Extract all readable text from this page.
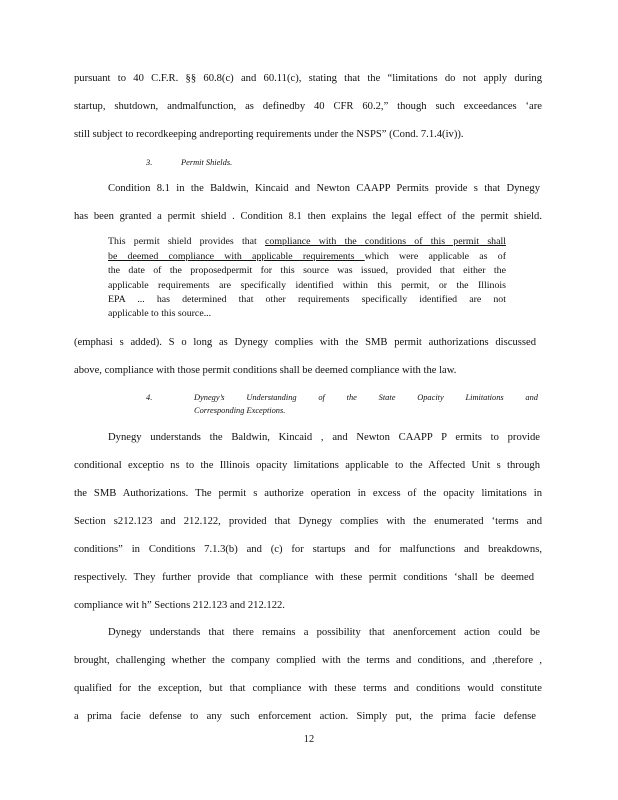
pursuant to 40 C.F.R. §§ 60.8(c) and 60.11(c), stating that the “limitations do not apply during
startup, shutdown, andmalfunction, as definedby 40 CFR 60.2,” though such exceedances ‘are
still subject to recordkeeping andreporting requirements under the NSPS” (Cond. 7.1.4(iv)).
3.	Permit Shields.
Condition 8.1 in the Baldwin, Kincaid and Newton CAAPP Permits provide s that Dynegy
has been granted a permit shield . Condition 8.1 then explains the legal effect of the permit shield.
This permit shield provides that compliance with the conditions of this permit shall
be deemed compliance with applicable requirements which were applicable as of
the date of the proposedpermit for this source was issued, provided that either the
applicable requirements are specifically identified within this permit, or the Illinois
EPA ... has determined that other requirements specifically identified are not
applicable to this source...
(emphasi s added). S o long as Dynegy complies with the SMB permit authorizations discussed
above, compliance with those permit conditions shall be deemed compliance with the law.
4.	Dynegy’s Understanding of the State Opacity Limitations and
Corresponding Exceptions.
Dynegy understands the Baldwin, Kincaid , and Newton CAAPP P ermits to provide
conditional exceptio ns to the Illinois opacity limitations applicable to the Affected Unit s through
the SMB Authorizations. The permit s authorize operation in excess of the opacity limitations in
Section s212.123 and 212.122, provided that Dynegy complies with the enumerated ‘terms and
conditions” in Conditions 7.1.3(b) and (c) for startups and for malfunctions and breakdowns,
respectively. They further provide that compliance with these permit conditions ‘shall be deemed
compliance wit h” Sections 212.123 and 212.122.
Dynegy understands that there remains a possibility that anenforcement action could be
brought, challenging whether the company complied with the terms and conditions, and ,therefore ,
qualified for the exception, but that compliance with these terms and conditions would constitute
a prima facie defense to any such enforcement action. Simply put, the prima facie defense
12
